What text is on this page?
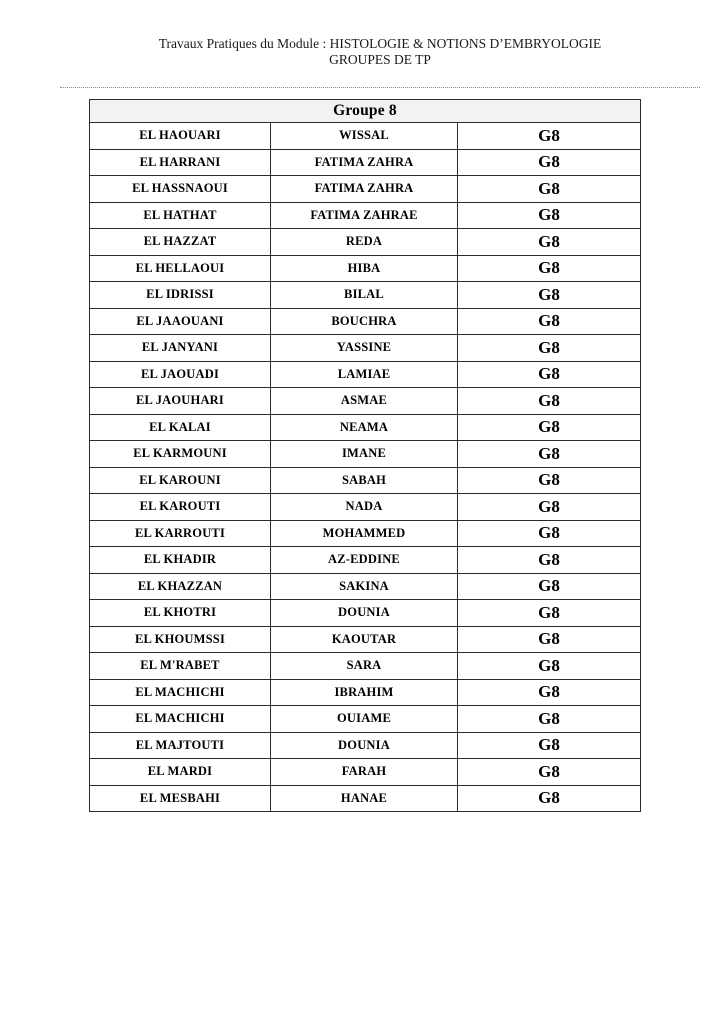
Travaux Pratiques du Module : HISTOLOGIE & NOTIONS D’EMBRYOLOGIE
GROUPES DE TP
Groupe 8		
EL HAOUARI	WISSAL	G8
EL HARRANI	FATIMA ZAHRA	G8
EL HASSNAOUI	FATIMA ZAHRA	G8
EL HATHAT	FATIMA ZAHRAE	G8
EL HAZZAT	REDA	G8
EL HELLAOUI	HIBA	G8
EL IDRISSI	BILAL	G8
EL JAAOUANI	BOUCHRA	G8
EL JANYANI	YASSINE	G8
EL JAOUADI	LAMIAE	G8
EL JAOUHARI	ASMAE	G8
EL KALAI	NEAMA	G8
EL KARMOUNI	IMANE	G8
EL KAROUNI	SABAH	G8
EL KAROUTI	NADA	G8
EL KARROUTI	MOHAMMED	G8
EL KHADIR	AZ-EDDINE	G8
EL KHAZZAN	SAKINA	G8
EL KHOTRI	DOUNIA	G8
EL KHOUMSSI	KAOUTAR	G8
EL M'RABET	SARA	G8
EL MACHICHI	IBRAHIM	G8
EL MACHICHI	OUIAME	G8
EL MAJTOUTI	DOUNIA	G8
EL MARDI	FARAH	G8
EL MESBAHI	HANAE	G8
